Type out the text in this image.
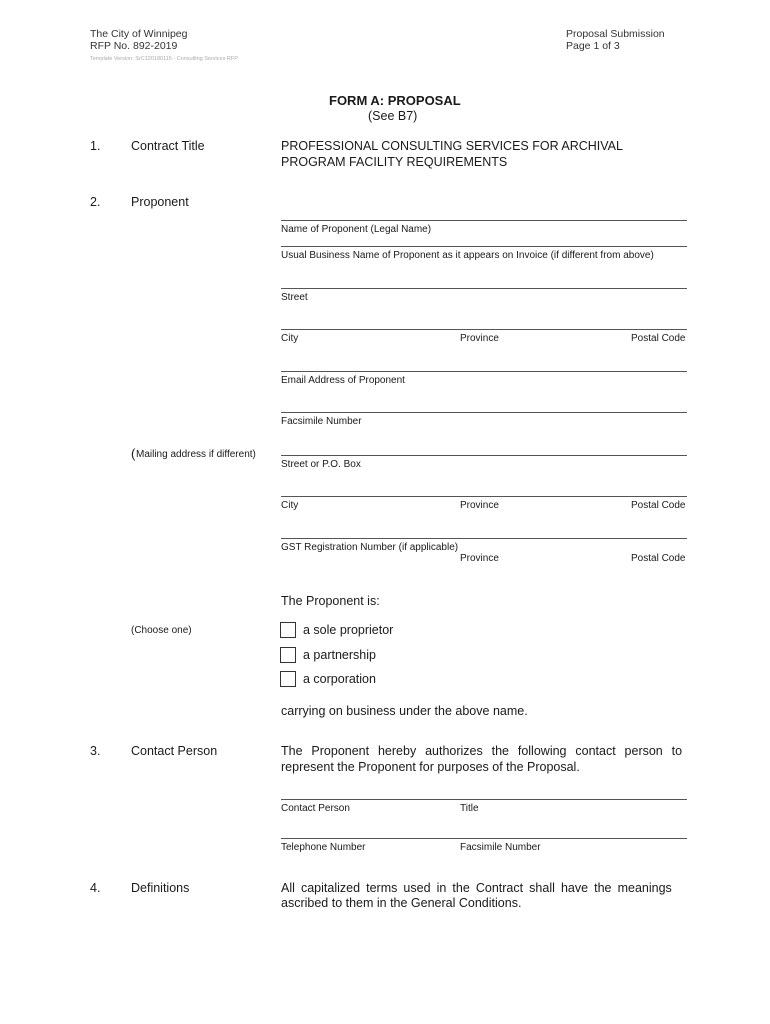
The City of Winnipeg
RFP No. 892-2019
Template Version: SrC120180115 - Consulting Services RFP
Proposal Submission
Page 1 of 3
FORM A: PROPOSAL
(See B7)
1. Contract Title	PROFESSIONAL CONSULTING SERVICES FOR ARCHIVAL
PROGRAM FACILITY REQUIREMENTS
2. Proponent
Name of Proponent (Legal Name)
Usual Business Name of Proponent as it appears on Invoice (if different from above)
Street
City	Province	Postal Code
Email Address of Proponent
Facsimile Number
( Mailing address if different)
Street or P.O. Box
City	Province	Postal Code
GST Registration Number (if applicable)
Province	Postal Code
The Proponent is:
(Choose one)	a sole proprietor
a partnership
a corporation
carrying on business under the above name.
3. Contact Person	The Proponent hereby authorizes the following contact person to
represent the Proponent for purposes of the Proposal.
Contact Person	Title
Telephone Number	Facsimile Number
4. Definitions	All capitalized terms used in the Contract shall have the meanings
ascribed to them in the General Conditions.
